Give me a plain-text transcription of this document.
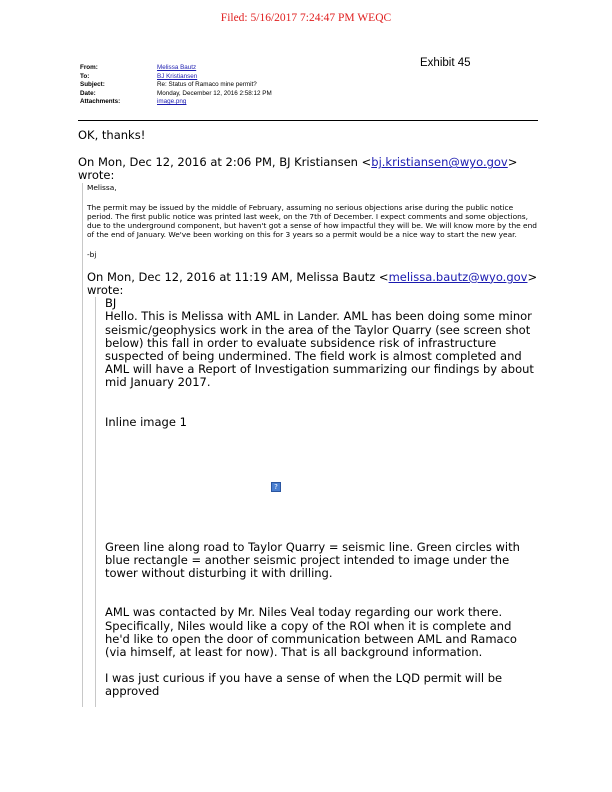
Filed: 5/16/2017 7:24:47 PM WEQC
Exhibit 45
From:	Melissa Bautz
To:	BJ Kristiansen
Subject:	Re: Status of Ramaco mine permit?
Date:	Monday, December 12, 2016 2:58:12 PM
Attachments:	image.png

OK, thanks!

On Mon, Dec 12, 2016 at 2:06 PM, BJ Kristiansen <bj.kristiansen@wyo.gov> wrote:

Melissa,

The permit may be issued by the middle of February, assuming no serious objections arise during the public notice period. The first public notice was printed last week, on the 7th of December. I expect comments and some objections, due to the underground component, but haven't got a sense of how impactful they will be. We will know more by the end of the end of January. We've been working on this for 3 years so a permit would be a nice way to start the new year.

-bj

On Mon, Dec 12, 2016 at 11:19 AM, Melissa Bautz <melissa.bautz@wyo.gov> wrote:

BJ

Hello. This is Melissa with AML in Lander. AML has been doing some minor seismic/geophysics work in the area of the Taylor Quarry (see screen shot below) this fall in order to evaluate subsidence risk of infrastructure suspected of being undermined. The field work is almost completed and AML will have a Report of Investigation summarizing our findings by about mid January 2017.

Inline image 1

?

Green line along road to Taylor Quarry = seismic line. Green circles with blue rectangle = another seismic project intended to image under the tower without disturbing it with drilling.

AML was contacted by Mr. Niles Veal today regarding our work there. Specifically, Niles would like a copy of the ROI when it is complete and he'd like to open the door of communication between AML and Ramaco (via himself, at least for now). That is all background information.

I was just curious if you have a sense of when the LQD permit will be approved
